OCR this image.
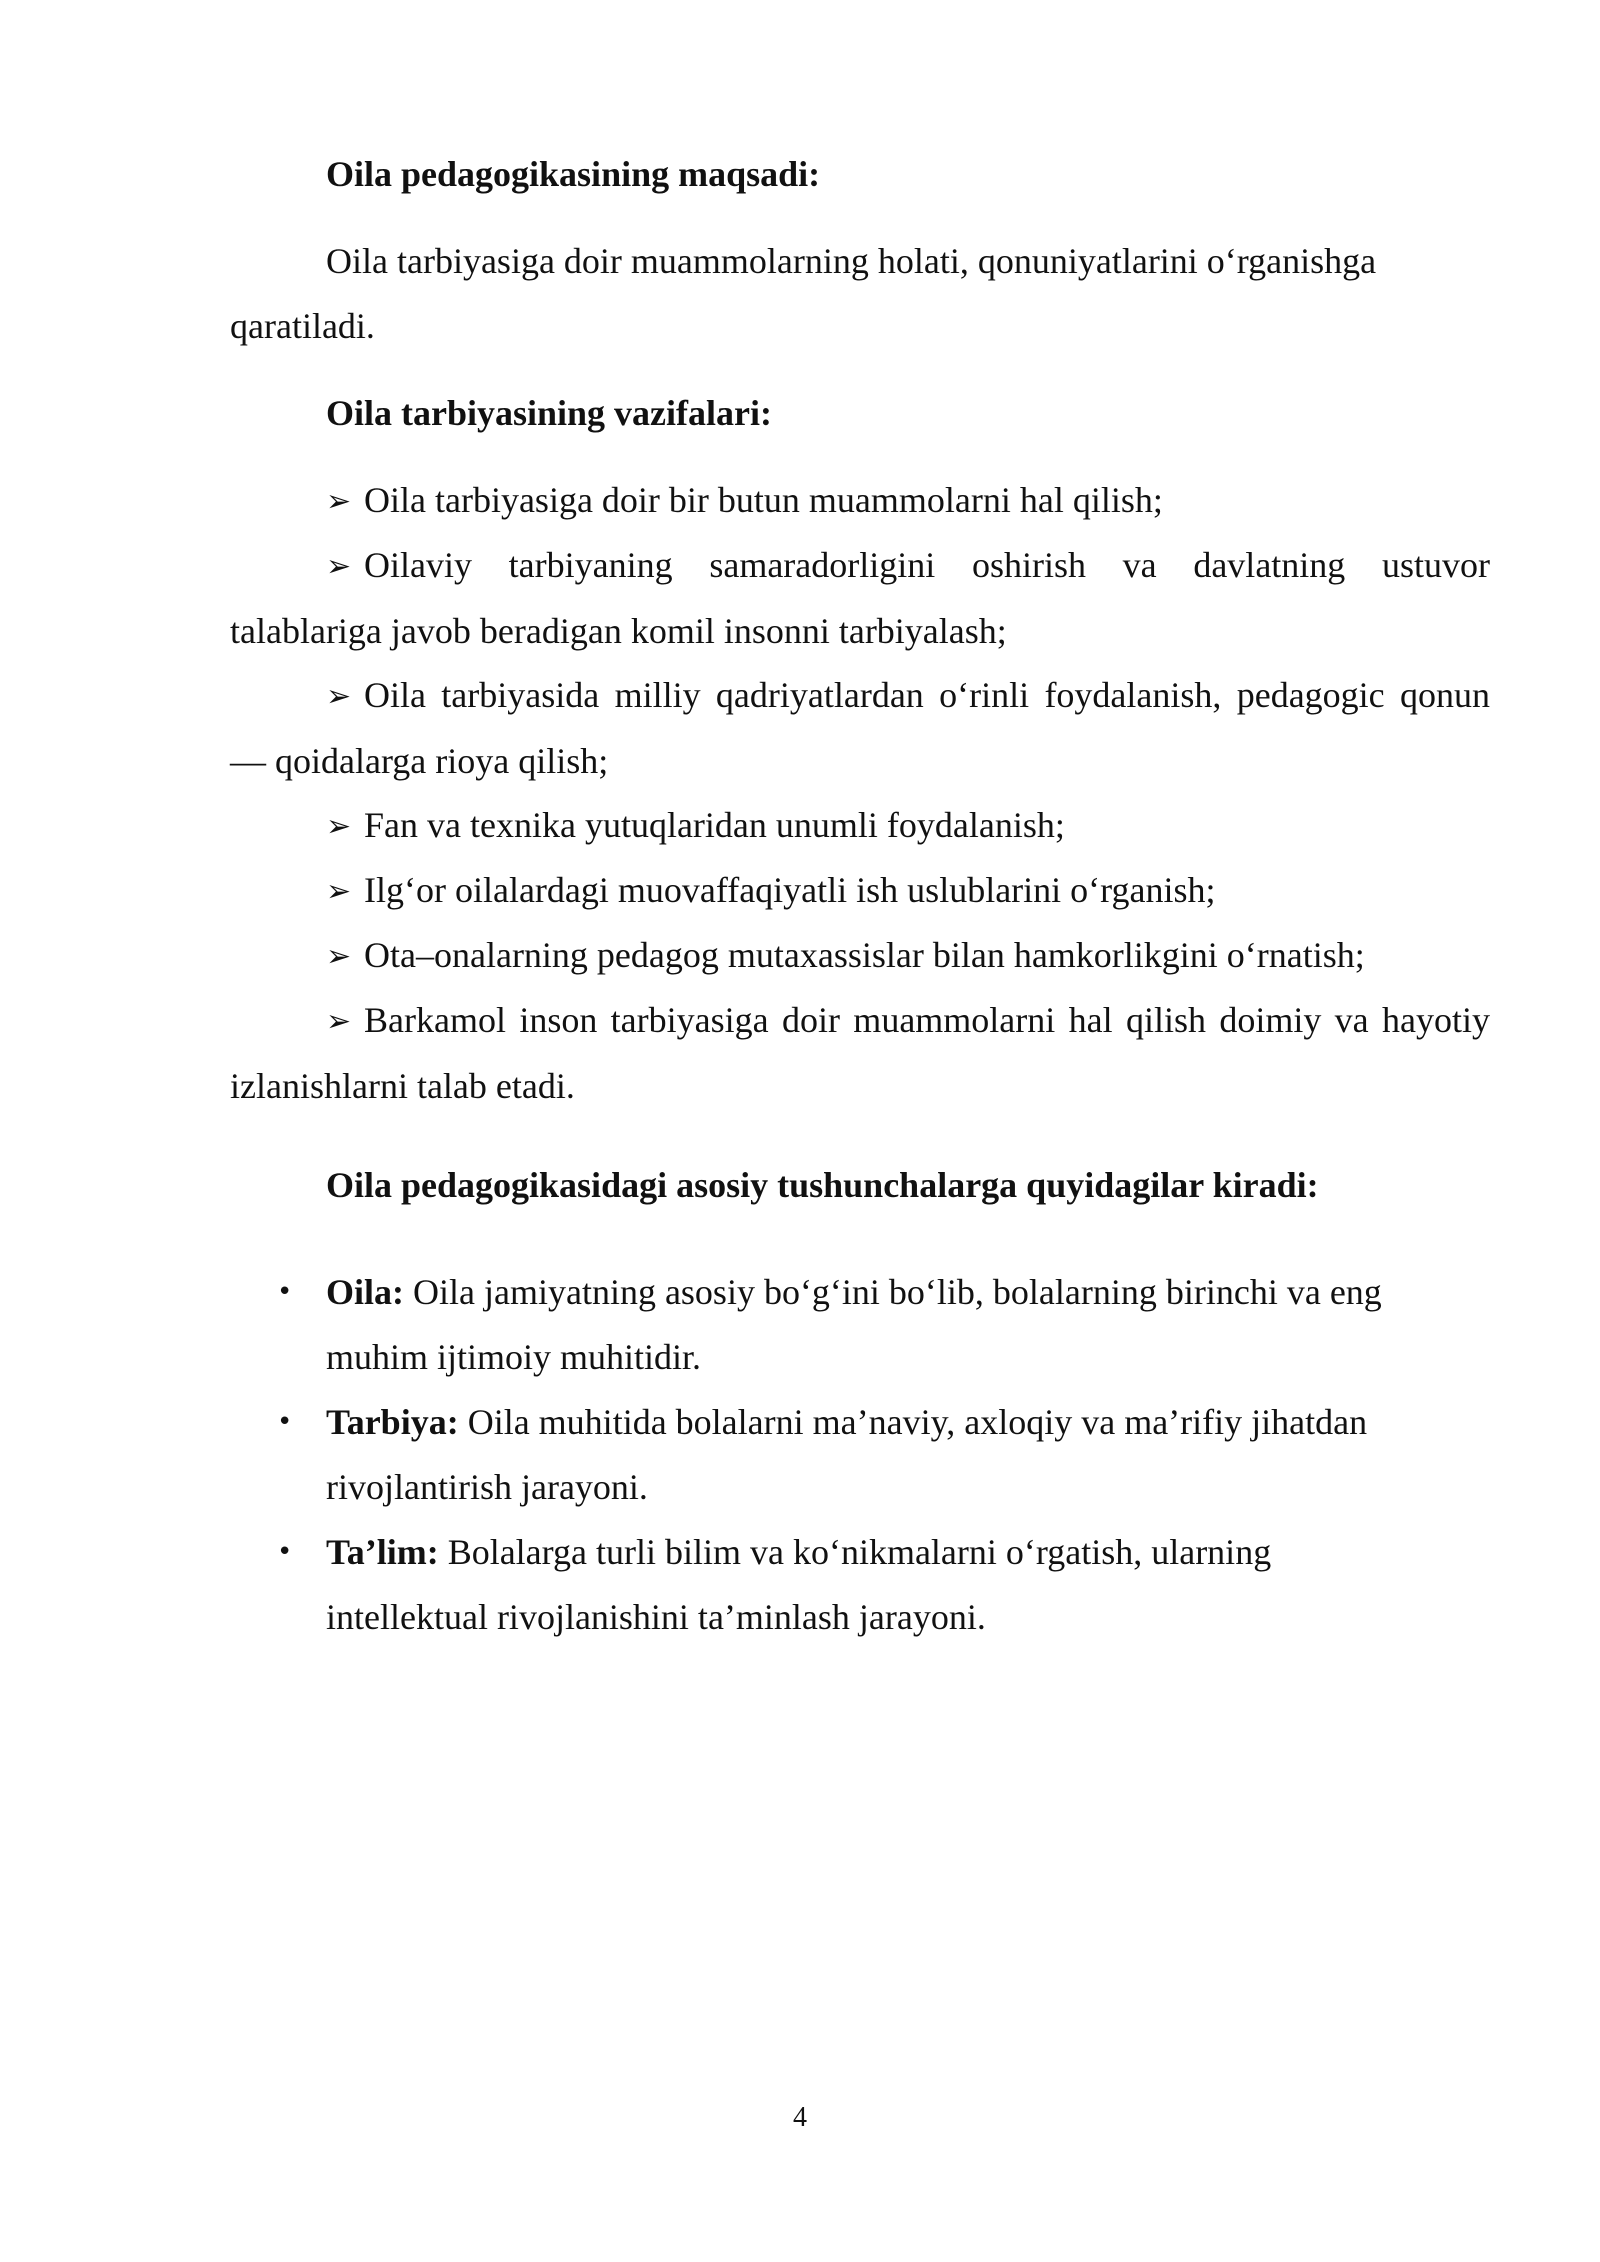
Oila pedagogikasining maqsadi:
Oila tarbiyasiga doir muammolarning holati, qonuniyatlarini o‘rganishga
qaratiladi.
Oila tarbiyasining vazifalari:
➢ Oila tarbiyasiga doir bir butun muammolarni hal qilish;
➢ Oilaviy tarbiyaning samaradorligini oshirish va davlatning ustuvor
talablariga javob beradigan komil insonni tarbiyalash;
➢ Oila tarbiyasida milliy qadriyatlardan o‘rinli foydalanish, pedagogic qonun
— qoidalarga rioya qilish;
➢ Fan va texnika yutuqlaridan unumli foydalanish;
➢ Ilg‘or oilalardagi muovaffaqiyatli ish uslublarini o‘rganish;
➢ Ota–onalarning pedagog mutaxassislar bilan hamkorlikgini o‘rnatish;
➢ Barkamol inson tarbiyasiga doir muammolarni hal qilish doimiy va hayotiy
izlanishlarni talab etadi.
Oila pedagogikasidagi asosiy tushunchalarga quyidagilar kiradi:
• Oila: Oila jamiyatning asosiy bo‘g‘ini bo‘lib, bolalarning birinchi va eng
muhim ijtimoiy muhitidir.
• Tarbiya: Oila muhitida bolalarni ma’naviy, axloqiy va ma’rifiy jihatdan
rivojlantirish jarayoni.
• Ta’lim: Bolalarga turli bilim va ko‘nikmalarni o‘rgatish, ularning
intellektual rivojlanishini ta’minlash jarayoni.
4
